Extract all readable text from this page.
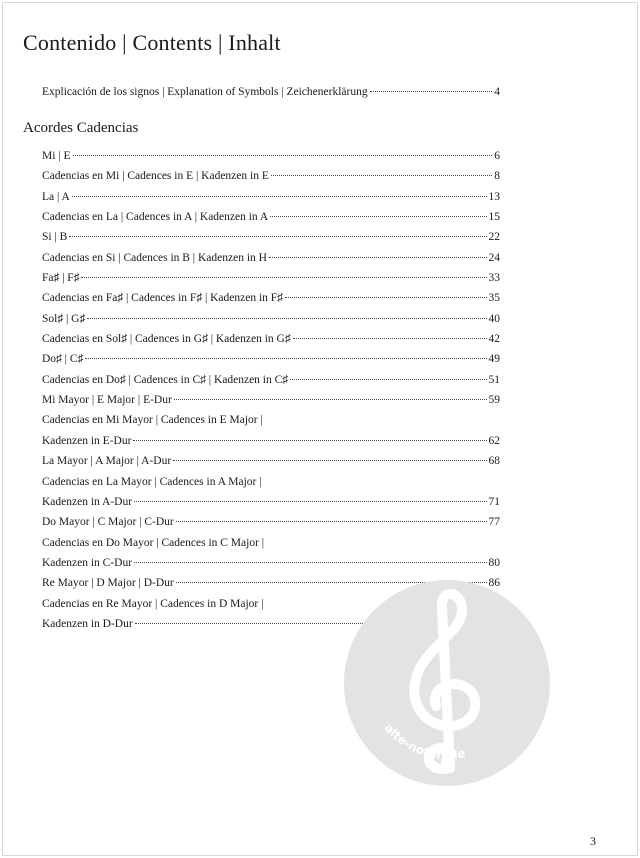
Contenido | Contents | Inhalt
Explicación de los signos | Explanation of Symbols | Zeichenerklärung	4
Acordes Cadencias
Mi | E	6
Cadencias en Mi | Cadences in E | Kadenzen in E	8
La | A	13
Cadencias en La | Cadences in A | Kadenzen in A	15
Si | B	22
Cadencias en Si | Cadences in B | Kadenzen in H	24
Fa♯ | F♯	33
Cadencias en Fa♯ | Cadences in F♯ | Kadenzen in F♯	35
Sol♯ | G♯	40
Cadencias en Sol♯ | Cadences in G♯ | Kadenzen in G♯	42
Do♯ | C♯	49
Cadencias en Do♯ | Cadences in C♯ | Kadenzen in C♯	51
Mi Mayor | E Major | E-Dur	59
Cadencias en Mi Mayor | Cadences in E Major |
Kadenzen in E-Dur	62
La Mayor | A Major | A-Dur	68
Cadencias en La Mayor | Cadences in A Major |
Kadenzen in A-Dur	71
Do Mayor | C Major | C-Dur	77
Cadencias en Do Mayor | Cadences in C Major |
Kadenzen in C-Dur	80
Re Mayor | D Major | D-Dur	86
Cadencias en Re Mayor | Cadences in D Major |
Kadenzen in D-Dur
alte-noten.de
3
